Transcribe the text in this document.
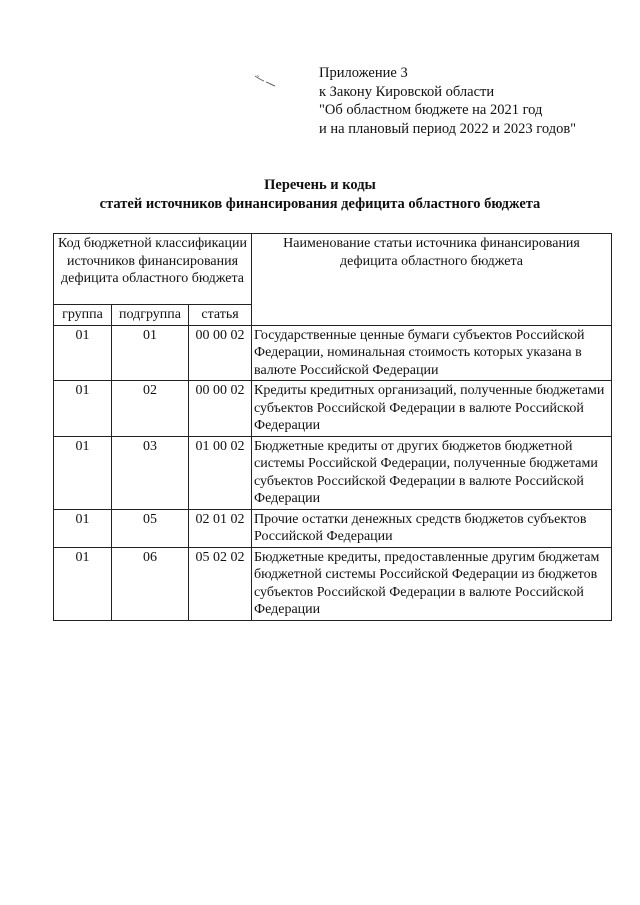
Приложение 3
к Закону Кировской области
"Об областном бюджете на 2021 год
и на плановый период 2022 и 2023 годов"
Перечень и коды
статей источников финансирования дефицита областного бюджета
Код бюджетной классификации источников финансирования дефицита областного бюджета			Наименование статьи источника финансирования дефицита областного бюджета
группа	подгруппа	статья	
01	01	00 00 02	Государственные ценные бумаги субъектов Российской Федерации, номинальная стоимость которых указана в валюте Российской Федерации
01	02	00 00 02	Кредиты кредитных организаций, полученные бюджетами субъектов Российской Федерации в валюте Российской Федерации
01	03	01 00 02	Бюджетные кредиты от других бюджетов бюджетной системы Российской Федерации, полученные бюджетами субъектов Российской Федерации в валюте Российской Федерации
01	05	02 01 02	Прочие остатки денежных средств бюджетов субъектов Российской Федерации
01	06	05 02 02	Бюджетные кредиты, предоставленные другим бюджетам бюджетной системы Российской Федерации из бюджетов субъектов Российской Федерации в валюте Российской Федерации
